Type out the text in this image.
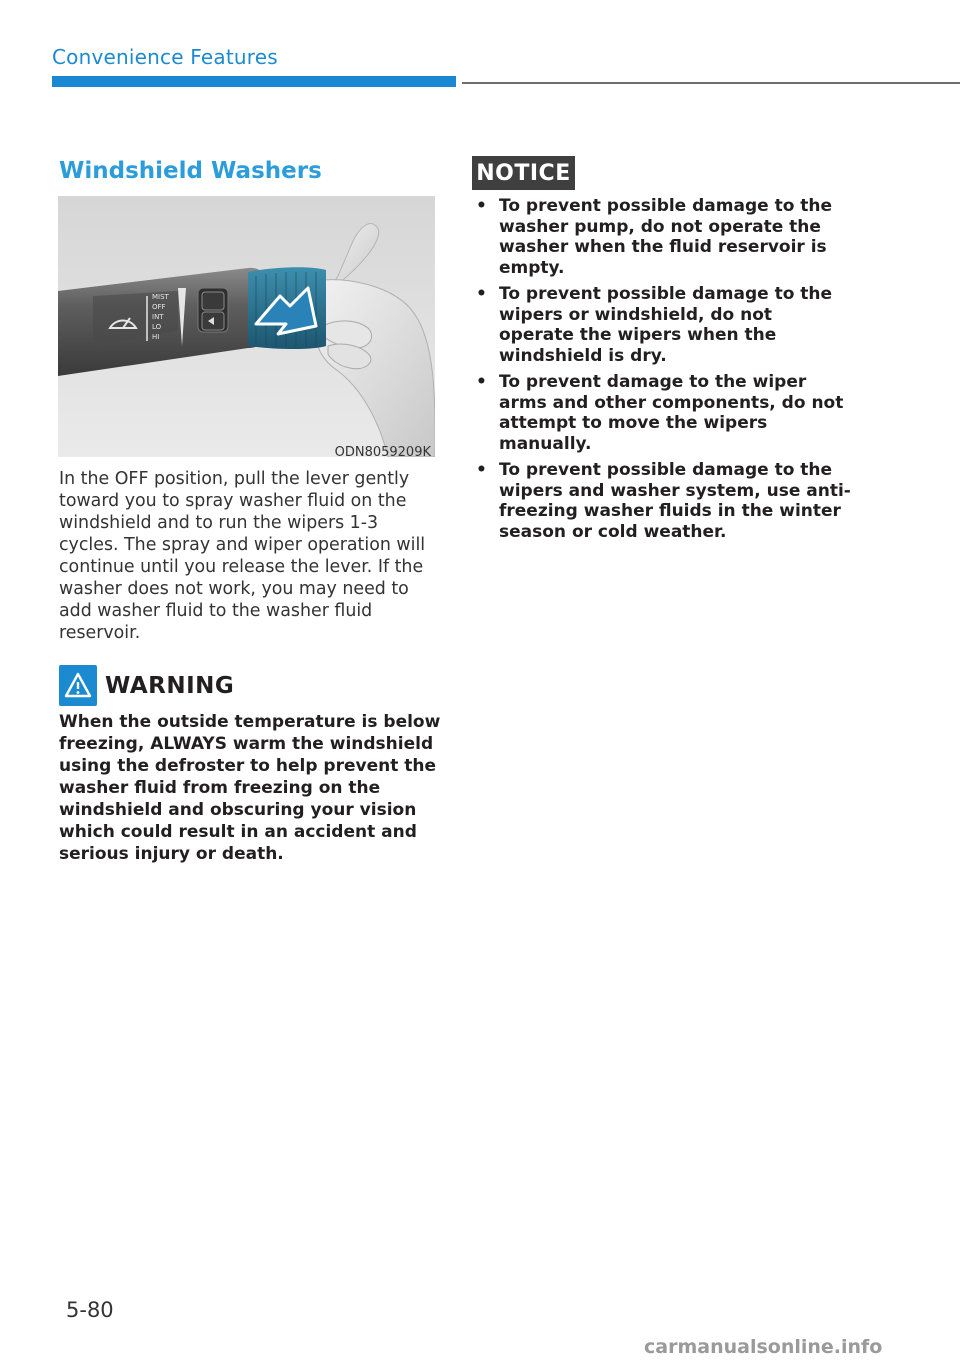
Convenience Features
Windshield Washers
MIST
OFF
INT
LO
HI
ODN8059209K

In the OFF position, pull the lever gently toward you to spray washer fluid on the windshield and to run the wipers 1-3 cycles. The spray and wiper operation will continue until you release the lever. If the washer does not work, you may need to add washer fluid to the washer fluid reservoir.

WARNING

When the outside temperature is below freezing, ALWAYS warm the windshield using the defroster to help prevent the washer fluid from freezing on the windshield and obscuring your vision which could result in an accident and serious injury or death.

NOTICE
• To prevent possible damage to the washer pump, do not operate the washer when the fluid reservoir is empty.
• To prevent possible damage to the wipers or windshield, do not operate the wipers when the windshield is dry.
• To prevent damage to the wiper arms and other components, do not attempt to move the wipers manually.
• To prevent possible damage to the wipers and washer system, use anti-freezing washer fluids in the winter season or cold weather.
5-80
carmanualsonline.info
